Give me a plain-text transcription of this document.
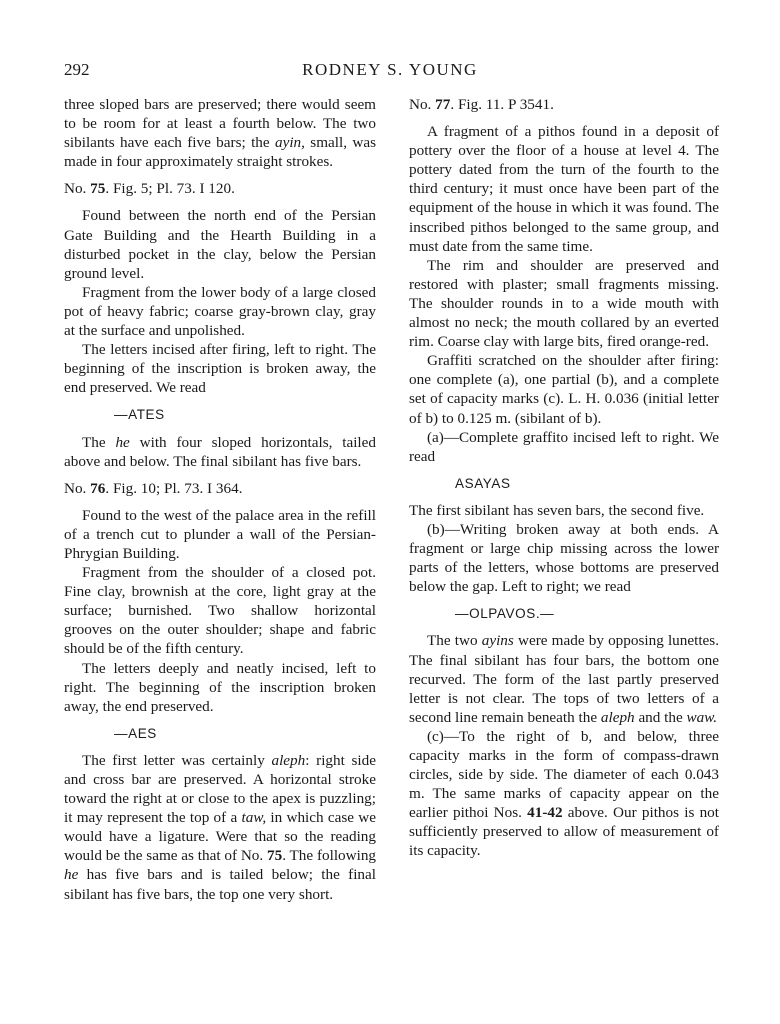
292	RODNEY S. YOUNG

three sloped bars are preserved; there would seem to be room for at least a fourth below. The two sibilants have each five bars; the ayin, small, was made in four approximately straight strokes.

No. 75. Fig. 5; Pl. 73. I 120.

Found between the north end of the Persian Gate Building and the Hearth Building in a disturbed pocket in the clay, below the Persian ground level.

Fragment from the lower body of a large closed pot of heavy fabric; coarse gray-brown clay, gray at the surface and unpolished.

The letters incised after firing, left to right. The beginning of the inscription is broken away, the end preserved. We read

—ATES

The he with four sloped horizontals, tailed above and below. The final sibilant has five bars.

No. 76. Fig. 10; Pl. 73. I 364.

Found to the west of the palace area in the refill of a trench cut to plunder a wall of the Persian-Phrygian Building.

Fragment from the shoulder of a closed pot. Fine clay, brownish at the core, light gray at the surface; burnished. Two shallow horizontal grooves on the outer shoulder; shape and fabric should be of the fifth century.

The letters deeply and neatly incised, left to right. The beginning of the inscription broken away, the end preserved.

—AES

The first letter was certainly aleph: right side and cross bar are preserved. A horizontal stroke toward the right at or close to the apex is puzzling; it may represent the top of a taw, in which case we would have a ligature. Were that so the reading would be the same as that of No. 75. The following he has five bars and is tailed below; the final sibilant has five bars, the top one very short.

No. 77. Fig. 11. P 3541.

A fragment of a pithos found in a deposit of pottery over the floor of a house at level 4. The pottery dated from the turn of the fourth to the third century; it must once have been part of the equipment of the house in which it was found. The inscribed pithos belonged to the same group, and must date from the same time.

The rim and shoulder are preserved and restored with plaster; small fragments missing. The shoulder rounds in to a wide mouth with almost no neck; the mouth collared by an everted rim. Coarse clay with large bits, fired orange-red.

Graffiti scratched on the shoulder after firing: one complete (a), one partial (b), and a complete set of capacity marks (c). L. H. 0.036 (initial letter of b) to 0.125 m. (sibilant of b).

(a)—Complete graffito incised left to right. We read

ASAYAS

The first sibilant has seven bars, the second five.

(b)—Writing broken away at both ends. A fragment or large chip missing across the lower parts of the letters, whose bottoms are preserved below the gap. Left to right; we read

—OLPAVOS.—

The two ayins were made by opposing lunettes. The final sibilant has four bars, the bottom one recurved. The form of the last partly preserved letter is not clear. The tops of two letters of a second line remain beneath the aleph and the waw.

(c)—To the right of b, and below, three capacity marks in the form of compass-drawn circles, side by side. The diameter of each 0.043 m. The same marks of capacity appear on the earlier pithoi Nos. 41-42 above. Our pithos is not sufficiently preserved to allow of measurement of its capacity.
